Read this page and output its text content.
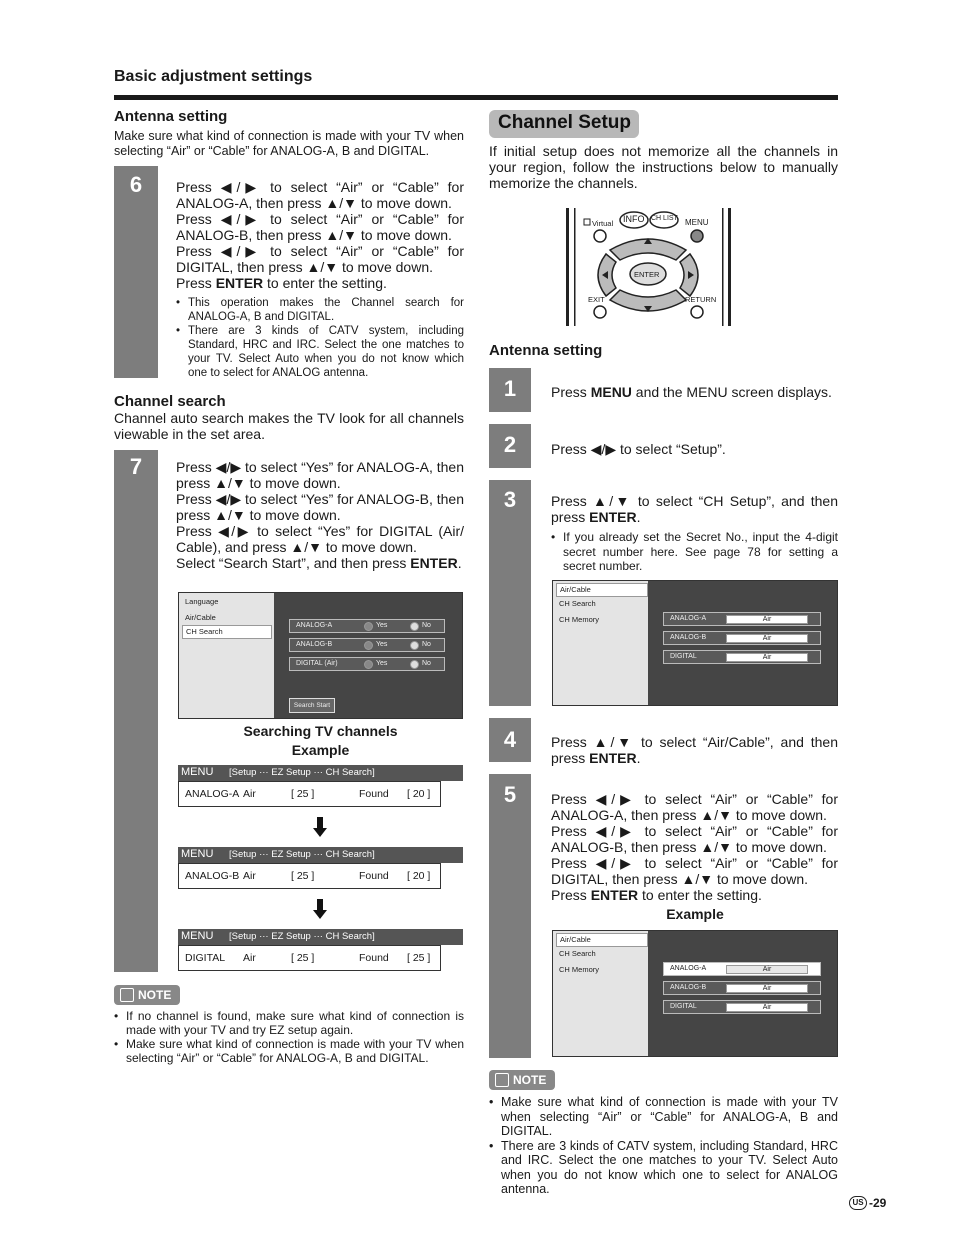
Basic adjustment settings
Antenna setting
Make sure what kind of connection is made with your TV when selecting “Air” or “Cable” for ANALOG-A, B and DIGITAL.
6	Press ◀/▶ to select “Air” or “Cable” for ANALOG-A, then press ▲/▼ to move down.
Press ◀/▶ to select “Air” or “Cable” for ANALOG-B, then press ▲/▼ to move down.
Press ◀/▶ to select “Air” or “Cable” for DIGITAL, then press ▲/▼ to move down.
Press ENTER to enter the setting.
• This operation makes the Channel search for ANALOG-A, B and DIGITAL.
• There are 3 kinds of CATV system, including Standard, HRC and IRC. Select the one matches to your TV. Select Auto when you do not know which one to select for ANALOG antenna.
Channel search
Channel auto search makes the TV look for all channels viewable in the set area.
7	Press ◀/▶ to select “Yes” for ANALOG-A, then press ▲/▼ to move down.
Press ◀/▶ to select “Yes” for ANALOG-B, then press ▲/▼ to move down.
Press ◀/▶ to select “Yes” for DIGITAL (Air/ Cable), and press ▲/▼ to move down.
Select “Search Start”, and then press ENTER.
Language
Air/Cable
CH Search
ANALOG-A	Yes	No
ANALOG-B	Yes	No
DIGITAL (Air)	Yes	No
Search Start
Searching TV channels
Example
MENU [Setup ··· EZ Setup ··· CH Search]
ANALOG-A Air	[ 25 ]	Found [ 20 ]
MENU [Setup ··· EZ Setup ··· CH Search]
ANALOG-B Air	[ 25 ]	Found [ 20 ]
MENU [Setup ··· EZ Setup ··· CH Search]
DIGITAL Air	[ 25 ]	Found [ 25 ]
NOTE
• If no channel is found, make sure what kind of connection is made with your TV and try EZ setup again.
• Make sure what kind of connection is made with your TV when selecting “Air” or “Cable” for ANALOG-A, B and DIGITAL.
Channel Setup
If initial setup does not memorize all the channels in your region, follow the instructions below to manually memorize the channels.
Virtual INFO CH LIST MENU
ENTER
EXIT	RETURN
Antenna setting
1	Press MENU and the MENU screen displays.
2	Press ◀/▶ to select “Setup”.
3	Press ▲/▼ to select “CH Setup”, and then press ENTER.
• If you already set the Secret No., input the 4-digit secret number here. See page 78 for setting a secret number.
Air/Cable
CH Search
CH Memory	ANALOG-A	Air
ANALOG-B	Air
DIGITAL	Air
4	Press ▲/▼ to select “Air/Cable”, and then press ENTER.
5	Press ◀/▶ to select “Air” or “Cable” for ANALOG-A, then press ▲/▼ to move down.
Press ◀/▶ to select “Air” or “Cable” for ANALOG-B, then press ▲/▼ to move down.
Press ◀/▶ to select “Air” or “Cable” for DIGITAL, then press ▲/▼ to move down.
Press ENTER to enter the setting.
Example
Air/Cable
CH Search
CH Memory	ANALOG-A	Air
ANALOG-B	Air
DIGITAL	Air
NOTE
• Make sure what kind of connection is made with your TV when selecting “Air” or “Cable” for ANALOG-A, B and DIGITAL.
• There are 3 kinds of CATV system, including Standard, HRC and IRC. Select the one matches to your TV. Select Auto when you do not know which one to select for ANALOG antenna.
US -29
